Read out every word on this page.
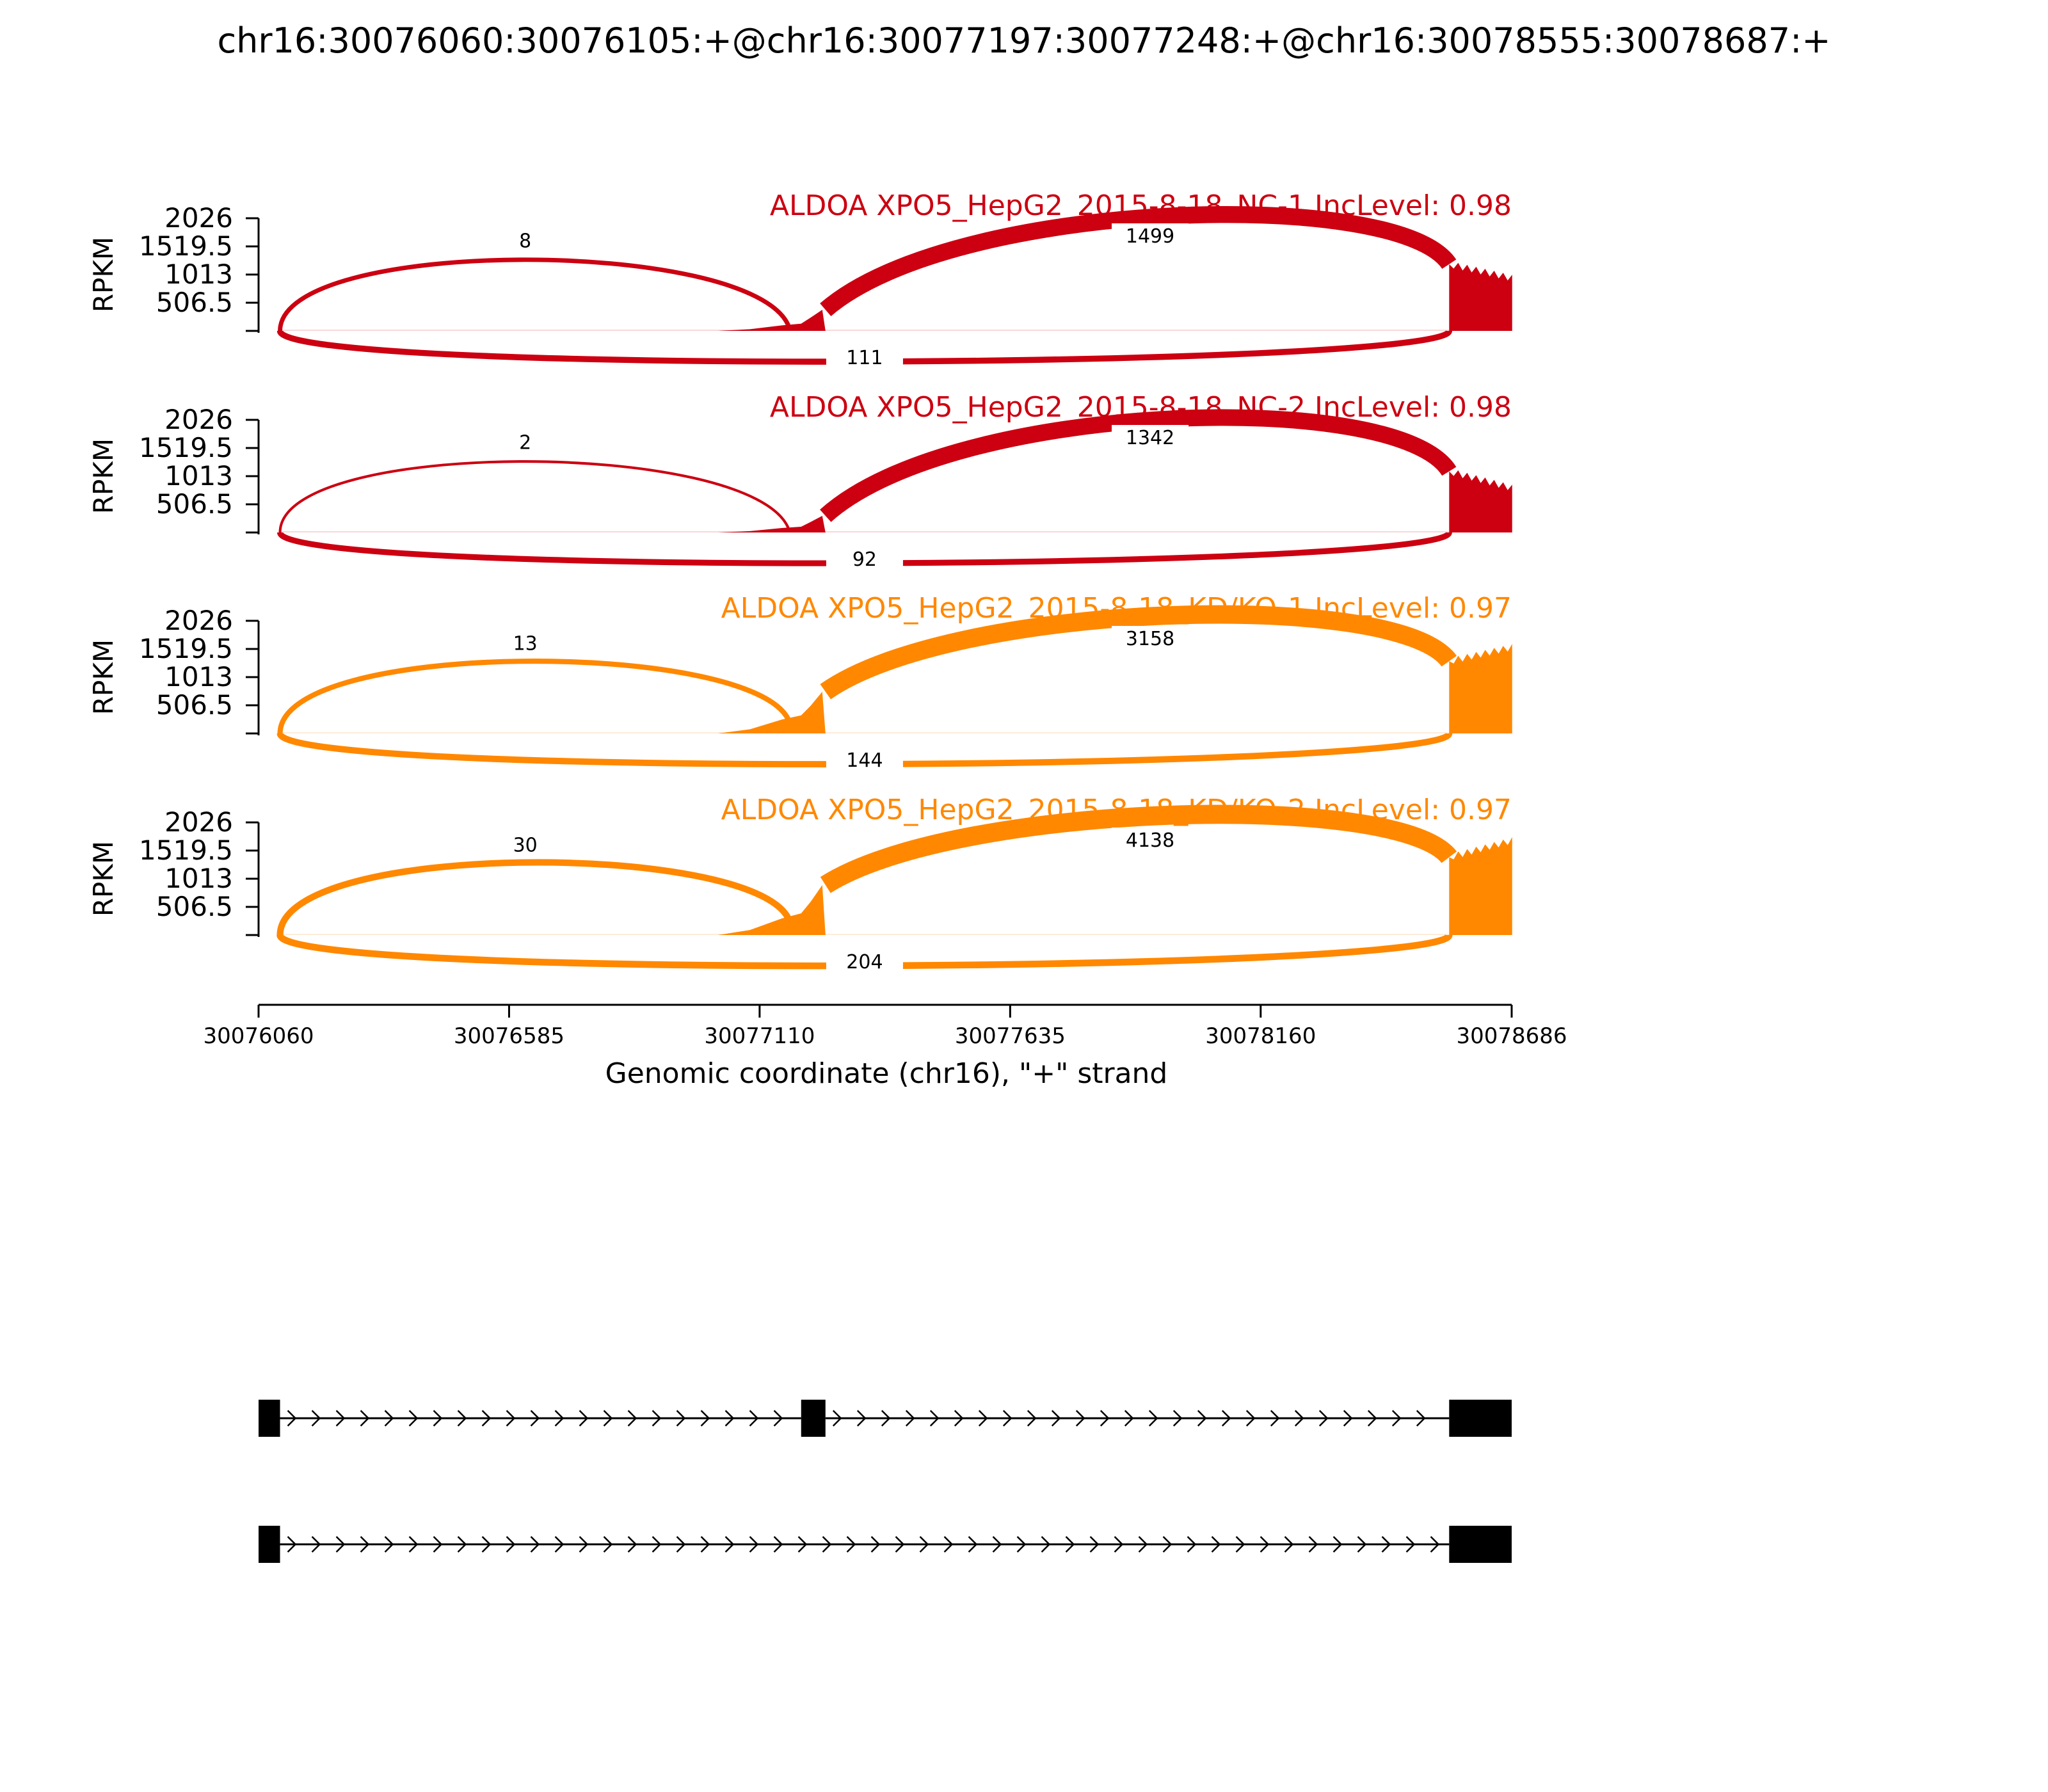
chr16:30076060:30076105:+@chr16:30077197:30077248:+@chr16:30078555:30078687:+
2026
1519.5
1013
506.5
RPKM	8	1499
111
ALDOA XPO5_HepG2_2015-8-18_NC-1 IncLevel: 0.98
2026
1519.5
1013
506.5
RPKM	2	1342
92
ALDOA XPO5_HepG2_2015-8-18_NC-2 IncLevel: 0.98
2026
1519.5
1013
506.5
RPKM	13	3158
144
ALDOA XPO5_HepG2_2015-8-18_KD/KO-1 IncLevel: 0.97
2026
1519.5
1013
506.5
RPKM	30	4138
204
ALDOA XPO5_HepG2_2015-8-18_KD/KO-2 IncLevel: 0.97
Genomic coordinate (chr16), "+" strand
30076060	30076585	30077110	30077635	30078160	30078686
